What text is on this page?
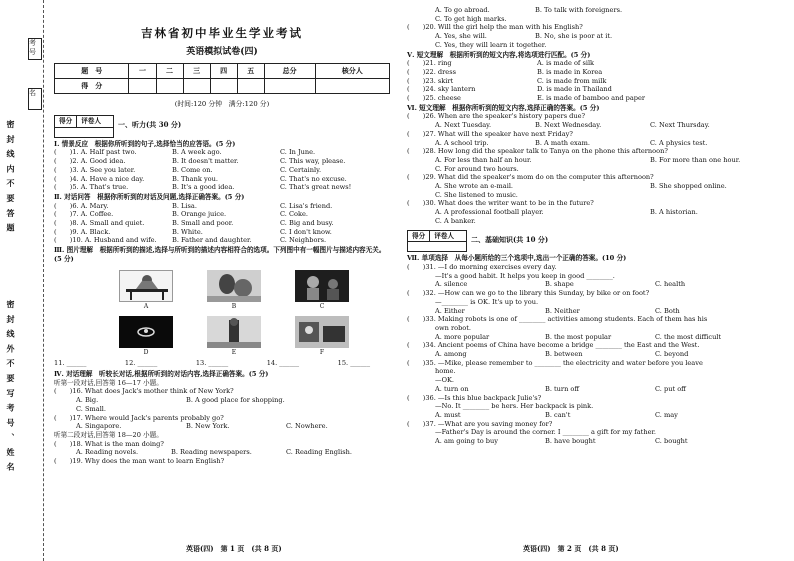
考号
名
密 封 线 内 不 要 答 题
密 封 线 外 不 要 写 考 号 、 姓 名
吉林省初中毕业生学业考试
英语模拟试卷(四)
题　号	一	二	三	四	五	总分	核分人
得　分							
(时间:120 分钟　满分:120 分)
得分	评卷人	一、听力(共 30 分)
Ⅰ. 情景反应　根据你所听到的句子,选择恰当的应答语。(5 分)
(　　)1. A. Half past two.	B. A week ago.	C. In June.
(　　)2. A. Good idea.	B. It doesn't matter.	C. This way, please.
(　　)3. A. See you later.	B. Come on.	C. Certainly.
(　　)4. A. Have a nice day.	B. Thank you.	C. That's no excuse.
(　　)5. A. That's true.	B. It's a good idea.	C. That's great news!
Ⅱ. 对话问答　根据你所听到的对话及问题,选择正确答案。(5 分)
(　　)6. A. Mary.	B. Lisa.	C. Lisa's friend.
(　　)7. A. Coffee.	B. Orange juice.	C. Coke.
(　　)8. A. Small and quiet.	B. Small and poor.	C. Big and busy.
(　　)9. A. Black.	B. White.	C. I don't know.
(　　)10. A. Husband and wife.	B. Father and daughter.	C. Neighbors.
Ⅲ. 图片理解　根据所听到的描述,选择与所听到的描述内容相符合的选项。下列图中有一幅图片与描述内容无关。(5 分)
A	B	C
D	E	F
11. ______	12. ______	13. ______	14. ______	15. ______
Ⅳ. 对话理解　听较长对话,根据所听到的对话内容,选择正确答案。(5 分)
听第一段对话,回答第 16—17 小题。
(　　)16. What does Jack's mother think of New York?
A. Big.	B. A good place for shopping.
C. Small.
(　　)17. Where would Jack's parents probably go?
A. Singapore.	B. New York.	C. Nowhere.
听第二段对话,回答第 18—20 小题。
(　　)18. What is the man doing?
A. Reading novels.	B. Reading newspapers.	C. Reading English.
(　　)19. Why does the man want to learn English?
英语(四)　第 1 页　(共 8 页)
A. To go abroad.	B. To talk with foreigners.
C. To get high marks.
(　　)20. Will the girl help the man with his English?
A. Yes, she will.	B. No, she is poor at it.
C. Yes, they will learn it together.
Ⅴ. 短文理解　根据所听到的短文内容,将选项进行匹配。(5 分)
(　　)21. ring	A. is made of silk
(　　)22. dress	B. is made in Korea
(　　)23. skirt	C. is made from milk
(　　)24. sky lantern	D. is made in Thailand
(　　)25. cheese	E. is made of bamboo and paper
Ⅵ. 短文理解　根据你所听到的短文内容,选择正确的答案。(5 分)
(　　)26. When are the speaker's history papers due?
A. Next Tuesday.	B. Next Wednesday.	C. Next Thursday.
(　　)27. What will the speaker have next Friday?
A. A school trip.	B. A math exam.	C. A physics test.
(　　)28. How long did the speaker talk to Tanya on the phone this afternoon?
A. For less than half an hour.	B. For more than one hour.
C. For around two hours.
(　　)29. What did the speaker's mom do on the computer this afternoon?
A. She wrote an e-mail.	B. She shopped online.
C. She listened to music.
(　　)30. What does the writer want to be in the future?
A. A professional football player.	B. A historian.
C. A banker.
得分	评卷人	二、基础知识(共 10 分)
Ⅶ. 单项选择　从每小题所给的三个选项中,选出一个正确的答案。(10 分)
(　　)31. —I do morning exercises every day.
—It's a good habit. It helps you keep in good ________.
A. silence	B. shape	C. health
(　　)32. —How can we go to the library this Sunday, by bike or on foot?
—________ is OK. It's up to you.
A. Either	B. Neither	C. Both
(　　)33. Making robots is one of ________ activities among students. Each of them has his
own robot.
A. more popular	B. the most popular	C. the most difficult
(　　)34. Ancient poems of China have become a bridge ________ the East and the West.
A. among	B. between	C. beyond
(　　)35. —Mike, please remember to ________ the electricity and water before you leave
home.
—OK.
A. turn on	B. turn off	C. put off
(　　)36. —Is this blue backpack Julie's?
—No. It ________ be hers. Her backpack is pink.
A. must	B. can't	C. may
(　　)37. —What are you saving money for?
—Father's Day is around the corner. I ________ a gift for my father.
A. am going to buy	B. have bought	C. bought
英语(四)　第 2 页　(共 8 页)
